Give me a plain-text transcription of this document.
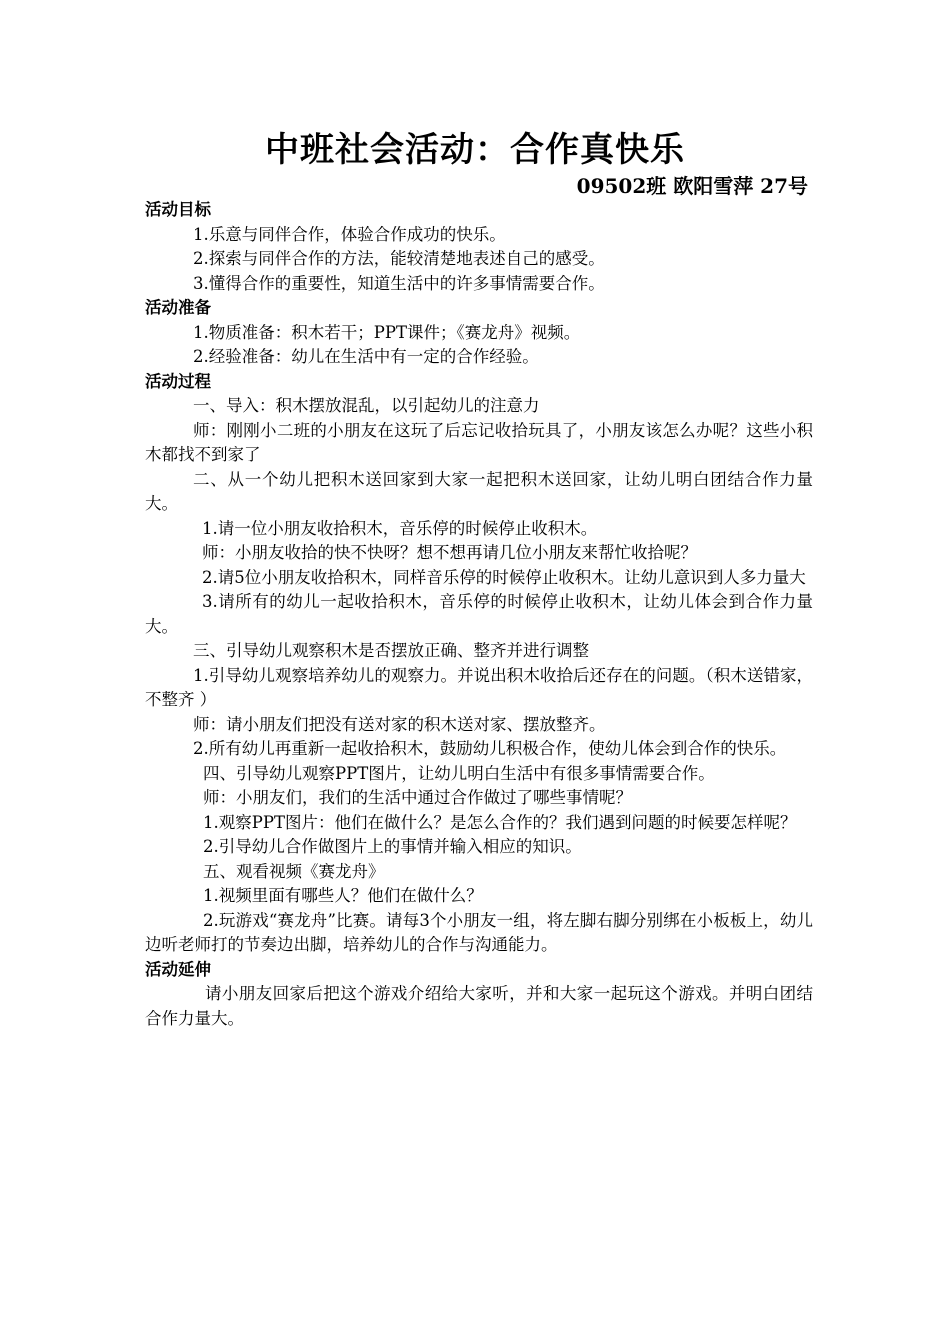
中班社会活动：合作真快乐
09502班 欧阳雪萍 27号
活动目标

1.乐意与同伴合作，体验合作成功的快乐。

2.探索与同伴合作的方法，能较清楚地表述自己的感受。

3.懂得合作的重要性，知道生活中的许多事情需要合作。

活动准备

1.物质准备：积木若干；PPT课件；《赛龙舟》视频。

2.经验准备：幼儿在生活中有一定的合作经验。

活动过程

一、导入：积木摆放混乱，以引起幼儿的注意力

师：刚刚小二班的小朋友在这玩了后忘记收拾玩具了，小朋友该怎么办呢？这些小积木都找不到家了

二、从一个幼儿把积木送回家到大家一起把积木送回家，让幼儿明白团结合作力量大。

1.请一位小朋友收拾积木，音乐停的时候停止收积木。

师：小朋友收拾的快不快呀？想不想再请几位小朋友来帮忙收拾呢？

2.请5位小朋友收拾积木，同样音乐停的时候停止收积木。让幼儿意识到人多力量大

3.请所有的幼儿一起收拾积木，音乐停的时候停止收积木，让幼儿体会到合作力量大。

三、引导幼儿观察积木是否摆放正确、整齐并进行调整

1.引导幼儿观察培养幼儿的观察力。并说出积木收拾后还存在的问题。（积木送错家，不整齐 ）

师：请小朋友们把没有送对家的积木送对家、摆放整齐。

2.所有幼儿再重新一起收拾积木，鼓励幼儿积极合作，使幼儿体会到合作的快乐。

四、引导幼儿观察PPT图片，让幼儿明白生活中有很多事情需要合作。

师：小朋友们，我们的生活中通过合作做过了哪些事情呢？

1.观察PPT图片：他们在做什么？是怎么合作的？我们遇到问题的时候要怎样呢？

2.引导幼儿合作做图片上的事情并输入相应的知识。

五、观看视频《赛龙舟》

1.视频里面有哪些人？他们在做什么？

2.玩游戏“赛龙舟”比赛。请每3个小朋友一组，将左脚右脚分别绑在小板板上，幼儿边听老师打的节奏边出脚，培养幼儿的合作与沟通能力。

活动延伸

请小朋友回家后把这个游戏介绍给大家听，并和大家一起玩这个游戏。并明白团结合作力量大。
